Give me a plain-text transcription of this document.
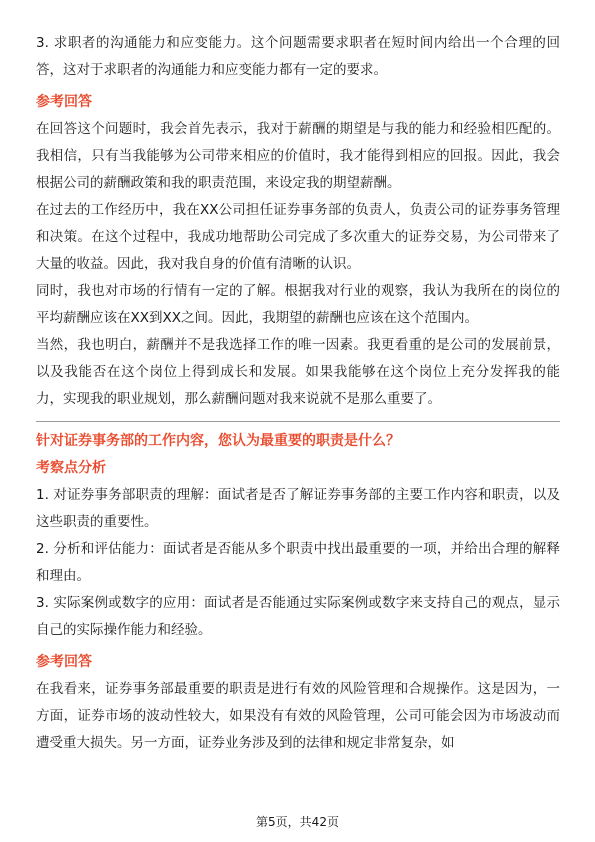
3. 求职者的沟通能力和应变能力。这个问题需要求职者在短时间内给出一个合理的回答，这对于求职者的沟通能力和应变能力都有一定的要求。

参考回答

在回答这个问题时，我会首先表示，我对于薪酬的期望是与我的能力和经验相匹配的。我相信，只有当我能够为公司带来相应的价值时，我才能得到相应的回报。因此，我会根据公司的薪酬政策和我的职责范围，来设定我的期望薪酬。

在过去的工作经历中，我在XX公司担任证券事务部的负责人，负责公司的证券事务管理和决策。在这个过程中，我成功地帮助公司完成了多次重大的证券交易，为公司带来了大量的收益。因此，我对我自身的价值有清晰的认识。

同时，我也对市场的行情有一定的了解。根据我对行业的观察，我认为我所在的岗位的平均薪酬应该在XX到XX之间。因此，我期望的薪酬也应该在这个范围内。

当然，我也明白，薪酬并不是我选择工作的唯一因素。我更看重的是公司的发展前景，以及我能否在这个岗位上得到成长和发展。如果我能够在这个岗位上充分发挥我的能力，实现我的职业规划，那么薪酬问题对我来说就不是那么重要了。

针对证券事务部的工作内容，您认为最重要的职责是什么？

考察点分析

1. 对证券事务部职责的理解：面试者是否了解证券事务部的主要工作内容和职责，以及这些职责的重要性。

2. 分析和评估能力：面试者是否能从多个职责中找出最重要的一项，并给出合理的解释和理由。

3. 实际案例或数字的应用：面试者是否能通过实际案例或数字来支持自己的观点，显示自己的实际操作能力和经验。

参考回答

在我看来，证券事务部最重要的职责是进行有效的风险管理和合规操作。这是因为，一方面，证券市场的波动性较大，如果没有有效的风险管理，公司可能会因为市场波动而遭受重大损失。另一方面，证券业务涉及到的法律和规定非常复杂，如

第5页，共42页
